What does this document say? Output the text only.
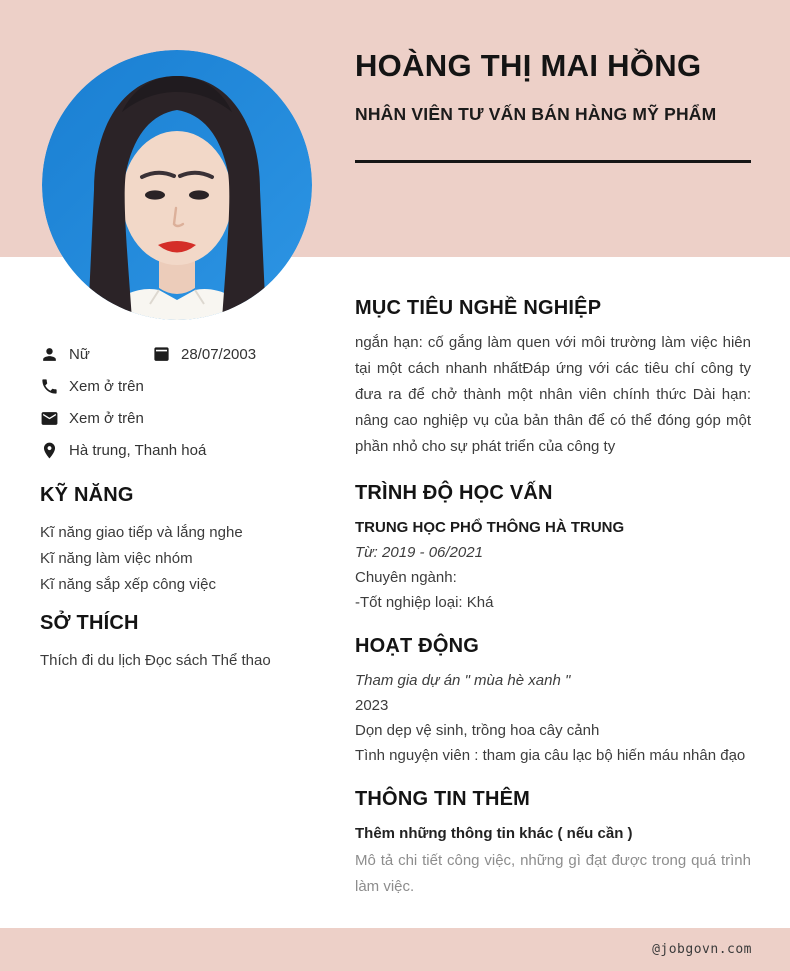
HOÀNG THỊ MAI HỒNG
NHÂN VIÊN TƯ VẤN BÁN HÀNG MỸ PHẨM
Nữ	28/07/2003
Xem ở trên
Xem ở trên
Hà trung, Thanh hoá
KỸ NĂNG
Kĩ năng giao tiếp và lắng nghe
Kĩ năng làm việc nhóm
Kĩ năng sắp xếp công việc
SỞ THÍCH
Thích đi du lịch Đọc sách Thể thao
MỤC TIÊU NGHỀ NGHIỆP
ngắn hạn: cố gắng làm quen với môi trường làm việc hiên tại một cách nhanh nhấtĐáp ứng với các tiêu chí công ty đưa ra để chở thành một nhân viên chính thức Dài hạn: nâng cao nghiệp vụ của bản thân để có thể đóng góp một phần nhỏ cho sự phát triển của công ty
TRÌNH ĐỘ HỌC VẤN
TRUNG HỌC PHỔ THÔNG HÀ TRUNG
Từ: 2019 - 06/2021
Chuyên ngành:
-Tốt nghiệp loại: Khá
HOẠT ĐỘNG
Tham gia dự án " mùa hè xanh "
2023
Dọn dẹp vệ sinh, trồng hoa cây cảnh
Tình nguyện viên : tham gia câu lạc bộ hiến máu nhân đạo
THÔNG TIN THÊM
Thêm những thông tin khác ( nếu cần )
Mô tả chi tiết công việc, những gì đạt được trong quá trình làm việc.
@jobgovn.com
